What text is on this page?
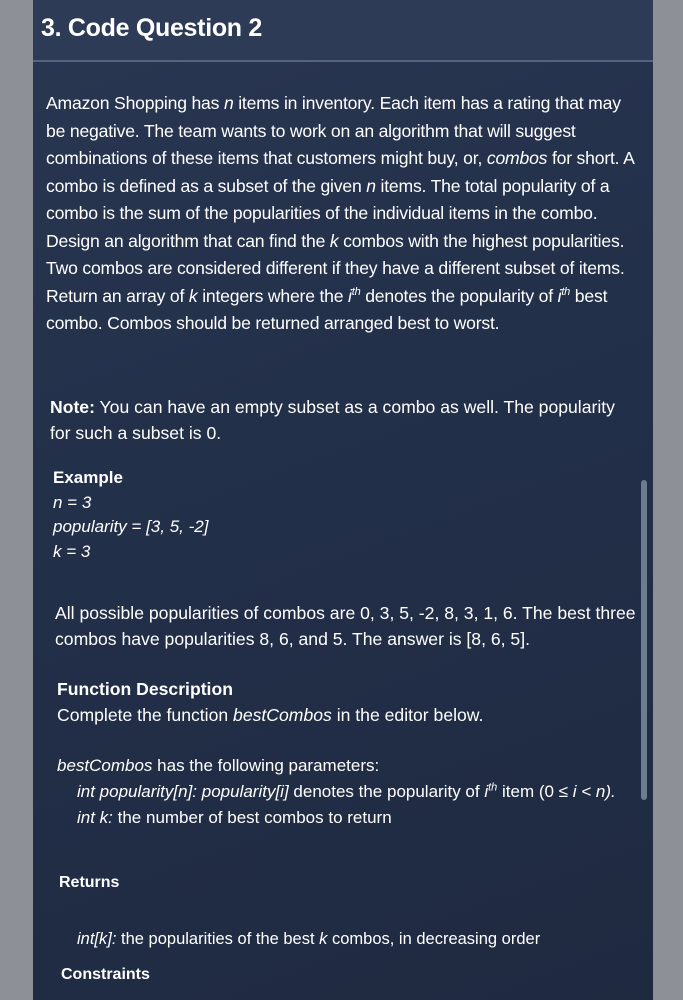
3. Code Question 2
Amazon Shopping has n items in inventory. Each item has a rating that may be negative. The team wants to work on an algorithm that will suggest combinations of these items that customers might buy, or, combos for short. A combo is defined as a subset of the given n items. The total popularity of a combo is the sum of the popularities of the individual items in the combo. Design an algorithm that can find the k combos with the highest popularities. Two combos are considered different if they have a different subset of items. Return an array of k integers where the $i^{th}$ denotes the popularity of $i^{th}$ best combo. Combos should be returned arranged best to worst.
Note: You can have an empty subset as a combo as well. The popularity for such a subset is 0.
Example
n = 3
popularity = [3, 5, -2]
k = 3
All possible popularities of combos are 0, 3, 5, -2, 8, 3, 1, 6. The best three combos have popularities 8, 6, and 5. The answer is [8, 6, 5].
Function Description
Complete the function bestCombos in the editor below.
bestCombos has the following parameters:
int popularity[n]: popularity[i] denotes the popularity of $i^{th}$ item (0 ≤ i < n).
int k: the number of best combos to return
Returns
int[k]: the popularities of the best k combos, in decreasing order
Constraints
